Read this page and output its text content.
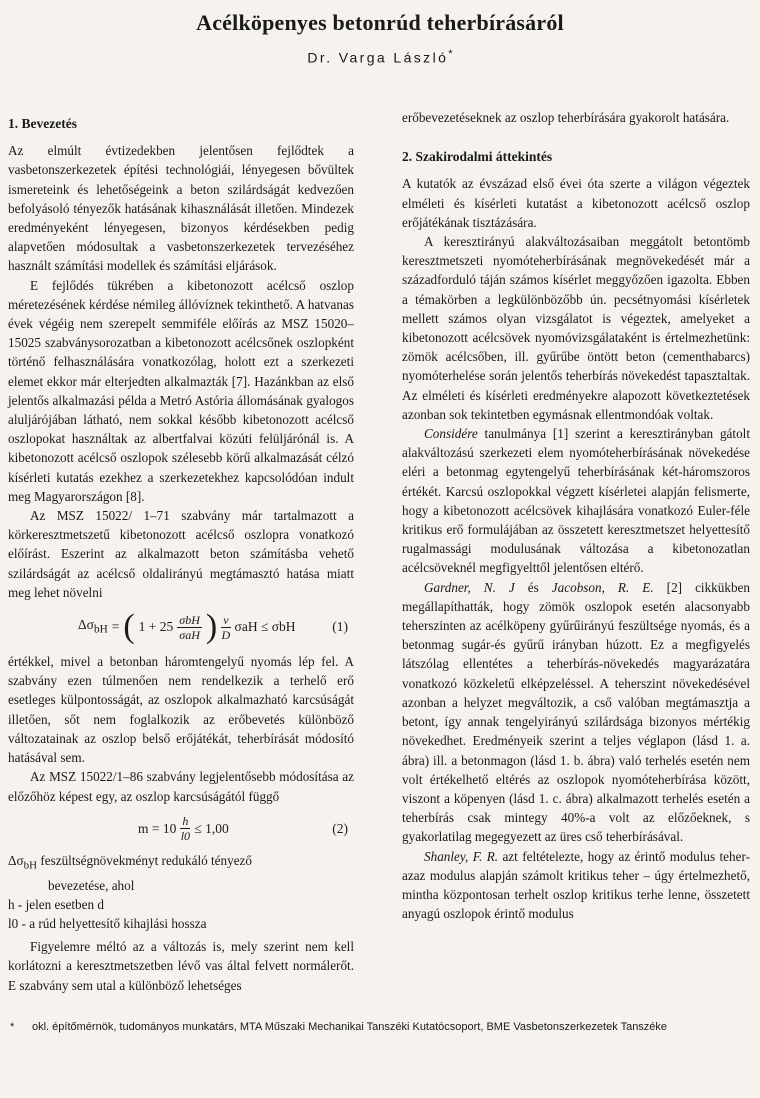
Acélköpenyes betonrúd teherbírásáról
Dr. Varga László*
1. Bevezetés

Az elmúlt évtizedekben jelentősen fejlődtek a vasbetonszerkezetek építési technológiái, lényegesen bővültek ismereteink és lehetőségeink a beton szilárdságát kedvezően befolyásoló tényezők hatásának kihasználását illetően. Mindezek eredményeként lényegesen, bizonyos kérdésekben pedig alapvetően módosultak a vasbetonszerkezetek tervezéséhez használt számítási modellek és számítási eljárások.

E fejlődés tükrében a kibetonozott acélcső oszlop méretezésének kérdése némileg állóvíznek tekinthető. A hatvanas évek végéig nem szerepelt semmiféle előírás az MSZ 15020–15025 szabványsorozatban a kibetonozott acélcsőnek oszlopként történő felhasználására vonatkozólag, holott ezt a szerkezeti elemet ekkor már elterjedten alkalmazták [7]. Hazánkban az első jelentős alkalmazási példa a Metró Astória állomásának gyalogos aluljárójában látható, nem sokkal később kibetonozott acélcső oszlopokat használtak az albertfalvai közúti felüljárónál is. A kibetonozott acélcső oszlopok szélesebb körű alkalmazását célzó kísérleti kutatás ezekhez a szerkezetekhez kapcsolódóan indult meg Magyarországon [8].

Az MSZ 15022/ 1–71 szabvány már tartalmazott a körkeresztmetszetű kibetonozott acélcső oszlopra vonatkozó előírást. Eszerint az alkalmazott beton számításba vehető szilárdságát az acélcső oldalirányú megtámasztó hatása miatt meg lehet növelni

$\Delta\sigma_{bH}$ = ( $1 + 25 \frac{\text{σbH}}{\text{σaH}}$ ) $\frac{v}{D}$ σaH ≤ σbH	(1)

értékkel, mivel a betonban háromtengelyű nyomás lép fel. A szabvány ezen túlmenően nem rendelkezik a terhelő erő esetleges külpontosságát, az oszlopok alkalmazható karcsúságát illetően, sőt nem foglalkozik az erőbevetés különböző változatainak az oszlop belső erőjátékát, teherbírását módosító hatásával sem.

Az MSZ 15022/1–86 szabvány legjelentősebb módosítása az előzőhöz képest egy, az oszlop karcsúságától függő

$m = 10 \frac{h}{l0} \le 1,00$	(2)
$\Delta\sigma_{bH}$ feszültségnövekményt redukáló tényező
bevezetése, ahol
h - jelen esetben d
l0 - a rúd helyettesítő kihajlási hossza

Figyelemre méltó az a változás is, mely szerint nem kell korlátozni a keresztmetszetben lévő vas által felvett normálerőt. E szabvány sem utal a különböző lehetséges

erőbevezetéseknek az oszlop teherbírására gyakorolt hatására.

2. Szakirodalmi áttekintés

A kutatók az évszázad első évei óta szerte a világon végeztek elméleti és kísérleti kutatást a kibetonozott acélcső oszlop erőjátékának tisztázására.

A keresztirányú alakváltozásaiban meggátolt betontömb keresztmetszeti nyomóteherbírásának megnövekedését már a századforduló táján számos kísérlet meggyőzően igazolta. Ebben a témakörben a legkülönbözőbb ún. pecsétnyomási kísérletek mellett számos olyan vizsgálatot is végeztek, amelyeket a kibetonozott acélcsövek nyomóvizsgálataként is értelmezhetünk: zömök acélcsőben, ill. gyűrűbe öntött beton (cementhabarcs) nyomóterhelése során jelentős teherbírás növekedést tapasztaltak. Az elméleti és kísérleti eredményekre alapozott következtetések azonban sok tekintetben egymásnak ellentmondóak voltak.

Considére tanulmánya [1] szerint a keresztirányban gátolt alakváltozású szerkezeti elem nyomóteherbírásának növekedése eléri a betonmag egytengelyű teherbírásának két-háromszoros értékét. Karcsú oszlopokkal végzett kísérletei alapján felismerte, hogy a kibetonozott acélcsövek kihajlására vonatkozó Euler-féle kritikus erő formulájában az összetett keresztmetszet helyettesítő rugalmassági modulusának változása a kibetonozatlan acélcsöveknél megfigyelttől jelentősen eltérő.

Gardner, N. J és Jacobson, R. E. [2] cikkükben megállapíthatták, hogy zömök oszlopok esetén alacsonyabb teherszinten az acélköpeny gyűrűirányú feszültsége nyomás, és a betonmag sugár-és gyűrű irányban húzott. Ez a megfigyelés látszólag ellentétes a teherbírás-növekedés magyarázatára vonatkozó közkeletű elképzeléssel. A teherszint növekedésével azonban a helyzet megváltozik, a cső valóban megtámasztja a betont, így annak tengelyirányú szilárdsága bizonyos mértékig növekedhet. Eredményeik szerint a teljes véglapon (lásd 1. a. ábra) ill. a betonmagon (lásd 1. b. ábra) való terhelés esetén nem volt értékelhető eltérés az oszlopok nyomóteherbírása között, viszont a köpenyen (lásd 1. c. ábra) alkalmazott terhelés esetén a teherbírás csak mintegy 40%-a volt az előzőeknek, s gyakorlatilag megegyezett az üres cső teherbírásával.

Shanley, F. R. azt feltételezte, hogy az érintő modulus teher- azaz modulus alapján számolt kritikus teher – úgy értelmezhető, mintha központosan terhelt oszlop kritikus terhe lenne, összetett anyagú oszlopok érintő modulus

* okl. építőmérnök, tudományos munkatárs, MTA Műszaki Mechanikai Tanszéki Kutatócsoport, BME Vasbetonszerkezetek Tanszéke
